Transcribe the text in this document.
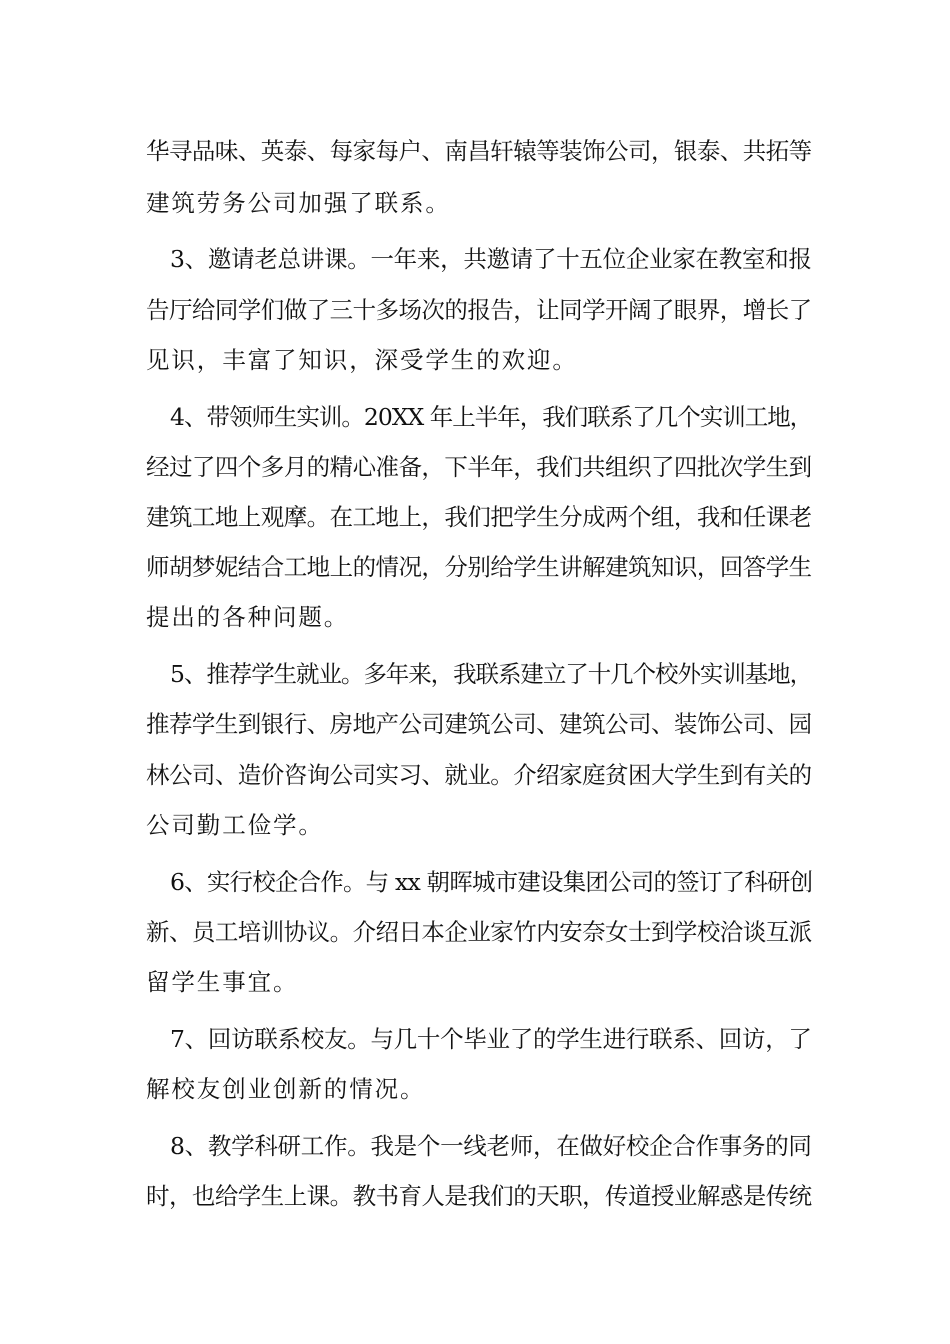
华寻品味、英泰、每家每户、南昌轩辕等装饰公司，银泰、共拓等
建筑劳务公司加强了联系。
3、邀请老总讲课。一年来，共邀请了十五位企业家在教室和报
告厅给同学们做了三十多场次的报告，让同学开阔了眼界，增长了
见识，丰富了知识，深受学生的欢迎。
4、带领师生实训。20XX 年上半年，我们联系了几个实训工地，
经过了四个多月的精心准备，下半年，我们共组织了四批次学生到
建筑工地上观摩。在工地上，我们把学生分成两个组，我和任课老
师胡梦妮结合工地上的情况，分别给学生讲解建筑知识，回答学生
提出的各种问题。
5、推荐学生就业。多年来，我联系建立了十几个校外实训基地，
推荐学生到银行、房地产公司建筑公司、建筑公司、装饰公司、园
林公司、造价咨询公司实习、就业。介绍家庭贫困大学生到有关的
公司勤工俭学。
6、实行校企合作。与 xx 朝晖城市建设集团公司的签订了科研创
新、员工培训协议。介绍日本企业家竹内安奈女士到学校洽谈互派
留学生事宜。
7、回访联系校友。与几十个毕业了的学生进行联系、回访，了
解校友创业创新的情况。
8、教学科研工作。我是个一线老师，在做好校企合作事务的同
时，也给学生上课。教书育人是我们的天职，传道授业解惑是传统
